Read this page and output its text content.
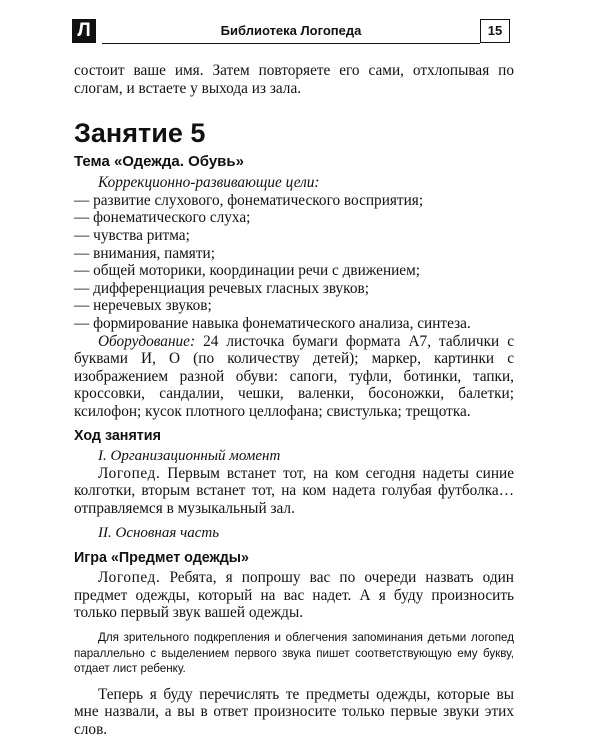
Л	Библиотека Логопеда	15

состоит ваше имя. Затем повторяете его сами, отхлопывая по слогам, и встаете у выхода из зала.

Занятие 5
Тема «Одежда. Обувь»

Коррекционно-развивающие цели:

— развитие слухового, фонематического восприятия;
— фонематического слуха;
— чувства ритма;
— внимания, памяти;
— общей моторики, координации речи с движением;
— дифференциация речевых гласных звуков;
— неречевых звуков;
— формирование навыка фонематического анализа, синтеза.

Оборудование: 24 листочка бумаги формата А7, таблички с буквами И, О (по количеству детей); маркер, картинки с изображением разной обуви: сапоги, туфли, ботинки, тапки, кроссовки, сандалии, чешки, валенки, босоножки, балетки; ксилофон; кусок плотного целлофана; свистулька; трещотка.

Ход занятия

I. Организационный момент

Логопед. Первым встанет тот, на ком сегодня надеты синие колготки, вторым встанет тот, на ком надета голубая футболка… отправляемся в музыкальный зал.

II. Основная часть

Игра «Предмет одежды»

Логопед. Ребята, я попрошу вас по очереди назвать один предмет одежды, который на вас надет. А я буду произносить только первый звук вашей одежды.

Для зрительного подкрепления и облегчения запоминания детьми логопед параллельно с выделением первого звука пишет соответствующую ему букву, отдает лист ребенку.

Теперь я буду перечислять те предметы одежды, которые вы мне назвали, а вы в ответ произносите только первые звуки этих слов.
